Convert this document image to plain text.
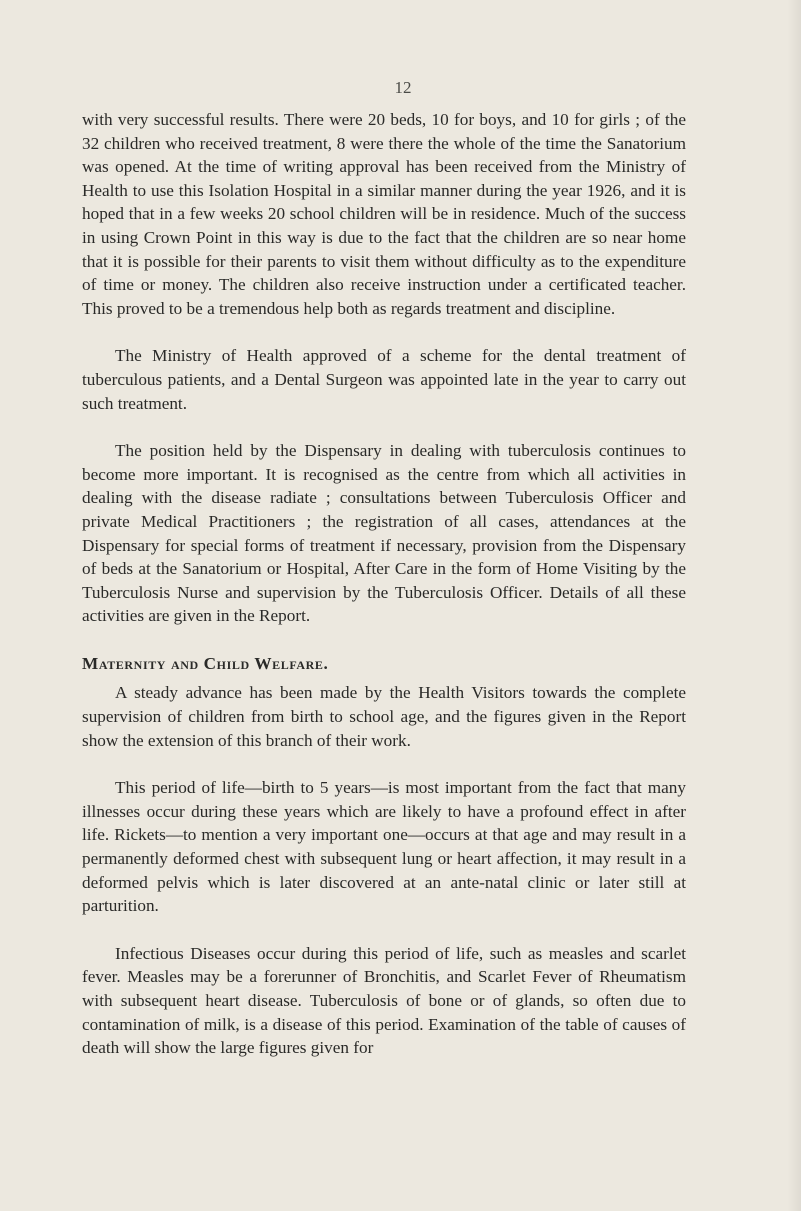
12

with very successful results. There were 20 beds, 10 for boys, and 10 for girls ; of the 32 children who received treatment, 8 were there the whole of the time the Sanatorium was opened. At the time of writing approval has been received from the Ministry of Health to use this Isolation Hospital in a similar manner during the year 1926, and it is hoped that in a few weeks 20 school children will be in residence. Much of the success in using Crown Point in this way is due to the fact that the children are so near home that it is possible for their parents to visit them without difficulty as to the expenditure of time or money. The children also receive instruction under a certificated teacher. This proved to be a tremendous help both as regards treatment and discipline.

The Ministry of Health approved of a scheme for the dental treatment of tuberculous patients, and a Dental Surgeon was appointed late in the year to carry out such treatment.

The position held by the Dispensary in dealing with tuberculosis continues to become more important. It is recognised as the centre from which all activities in dealing with the disease radiate ; consultations between Tuberculosis Officer and private Medical Practitioners ; the registration of all cases, attendances at the Dispensary for special forms of treatment if necessary, provision from the Dispensary of beds at the Sanatorium or Hospital, After Care in the form of Home Visiting by the Tuberculosis Nurse and supervision by the Tuberculosis Officer. Details of all these activities are given in the Report.

Maternity and Child Welfare.

A steady advance has been made by the Health Visitors towards the complete supervision of children from birth to school age, and the figures given in the Report show the extension of this branch of their work.

This period of life—birth to 5 years—is most important from the fact that many illnesses occur during these years which are likely to have a profound effect in after life. Rickets—to mention a very important one—occurs at that age and may result in a permanently deformed chest with subsequent lung or heart affection, it may result in a deformed pelvis which is later discovered at an ante-natal clinic or later still at parturition.

Infectious Diseases occur during this period of life, such as measles and scarlet fever. Measles may be a forerunner of Bronchitis, and Scarlet Fever of Rheumatism with subsequent heart disease. Tuberculosis of bone or of glands, so often due to contamination of milk, is a disease of this period. Examination of the table of causes of death will show the large figures given for
